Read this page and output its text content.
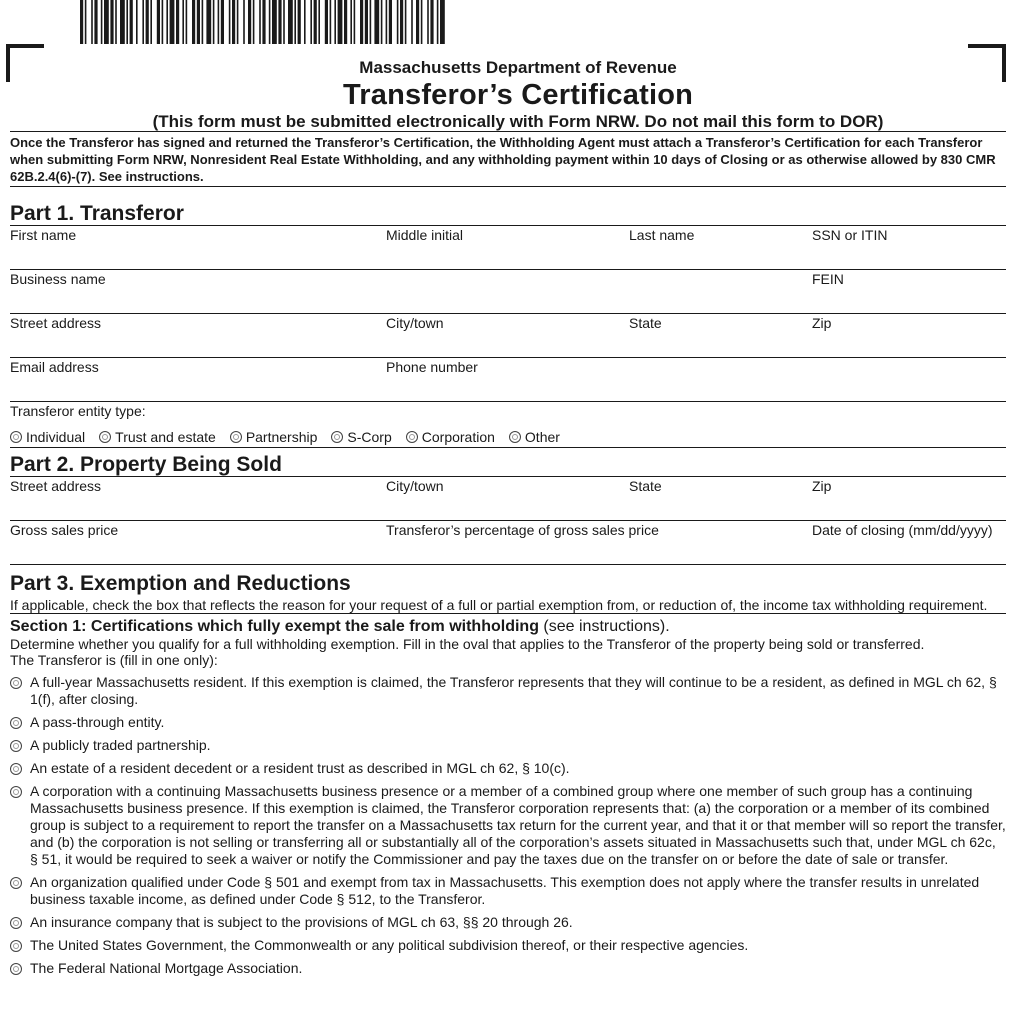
Massachusetts Department of Revenue
Transferor’s Certification
(This form must be submitted electronically with Form NRW. Do not mail this form to DOR)
Once the Transferor has signed and returned the Transferor’s Certification, the Withholding Agent must attach a Transferor’s Certification for each Transferor when submitting Form NRW, Nonresident Real Estate Withholding, and any withholding payment within 10 days of Closing or as otherwise allowed by 830 CMR 62B.2.4(6)-(7). See instructions.
Part 1. Transferor
First name	Middle initial	Last name	SSN or ITIN
Business name	FEIN
Street address	City/town	State	Zip
Email address	Phone number
Transferor entity type:
Individual Trust and estate Partnership S-Corp Corporation Other
Part 2. Property Being Sold
Street address	City/town	State	Zip
Gross sales price	Transferor’s percentage of gross sales price	Date of closing (mm/dd/yyyy)
Part 3. Exemption and Reductions
If applicable, check the box that reflects the reason for your request of a full or partial exemption from, or reduction of, the income tax withholding requirement.
Section 1: Certifications which fully exempt the sale from withholding (see instructions).
Determine whether you qualify for a full withholding exemption. Fill in the oval that applies to the Transferor of the property being sold or transferred.
The Transferor is (fill in one only):
A full-year Massachusetts resident. If this exemption is claimed, the Transferor represents that they will continue to be a resident, as defined in MGL ch 62, § 1(f), after closing.
A pass-through entity.
A publicly traded partnership.
An estate of a resident decedent or a resident trust as described in MGL ch 62, § 10(c).
A corporation with a continuing Massachusetts business presence or a member of a combined group where one member of such group has a continuing Massachusetts business presence. If this exemption is claimed, the Transferor corporation represents that: (a) the corporation or a member of its combined group is subject to a requirement to report the transfer on a Massachusetts tax return for the current year, and that it or that member will so report the transfer, and (b) the corporation is not selling or transferring all or substantially all of the corporation’s assets situated in Massachusetts such that, under MGL ch 62c, § 51, it would be required to seek a waiver or notify the Commissioner and pay the taxes due on the transfer on or before the date of sale or transfer.
An organization qualified under Code § 501 and exempt from tax in Massachusetts. This exemption does not apply where the transfer results in unrelated business taxable income, as defined under Code § 512, to the Transferor.
An insurance company that is subject to the provisions of MGL ch 63, §§ 20 through 26.
The United States Government, the Commonwealth or any political subdivision thereof, or their respective agencies.
The Federal National Mortgage Association.
